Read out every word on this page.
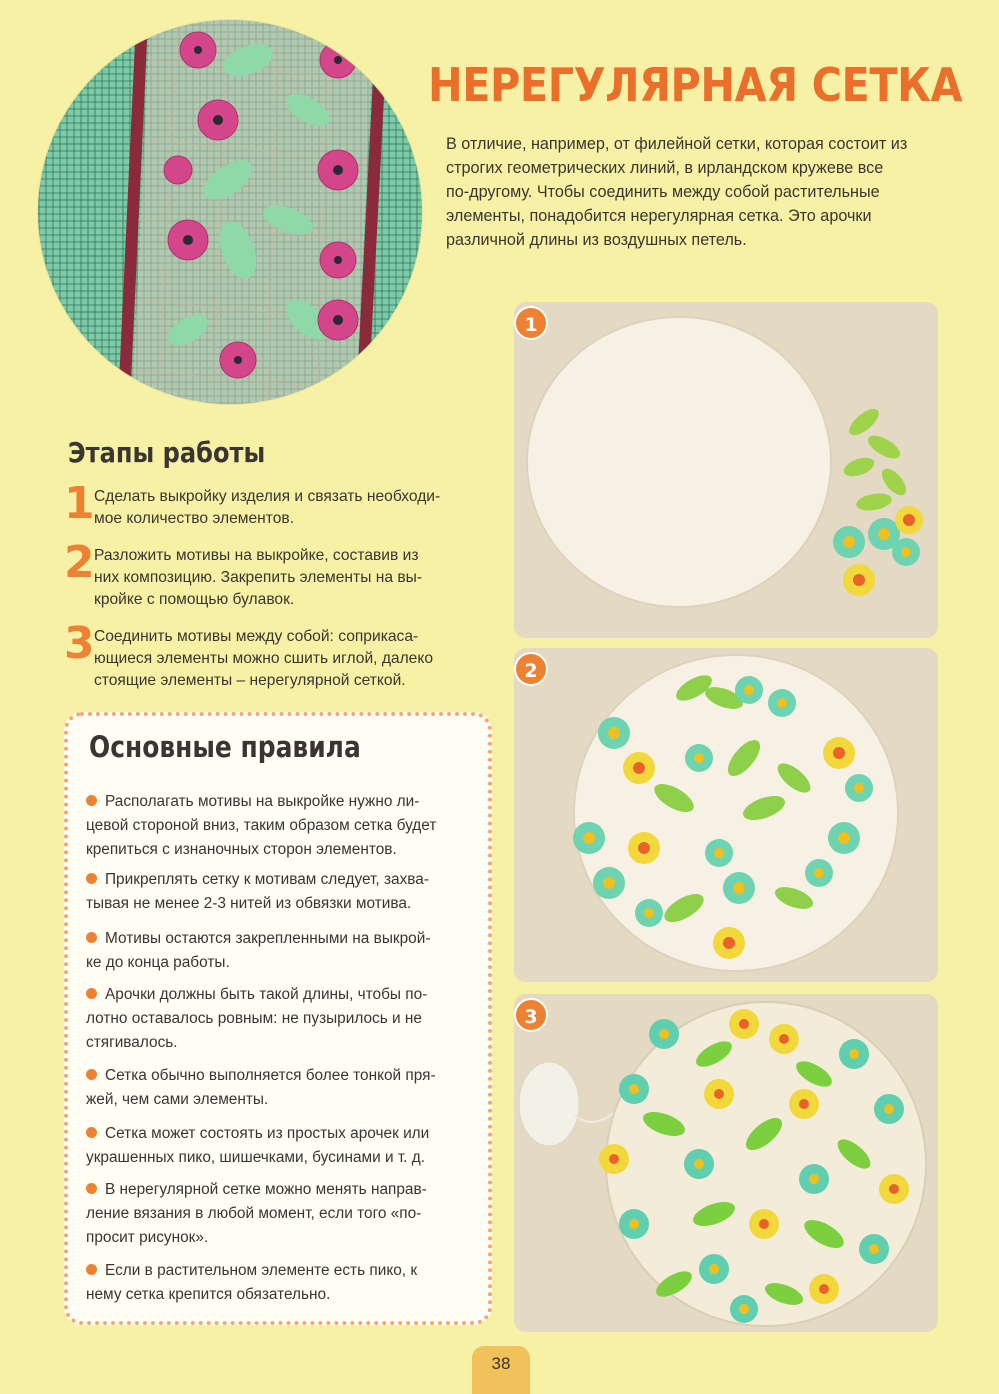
НЕРЕГУЛЯРНАЯ СЕТКА
В отличие, например, от филейной сетки, которая состоит из
строгих геометрических линий, в ирландском кружеве все
по-другому. Чтобы соединить между собой растительные
элементы, понадобится нерегулярная сетка. Это арочки
различной длины из воздушных петель.
Этапы работы
1 Сделать выкройку изделия и связать необходи-
мое количество элементов.
2 Разложить мотивы на выкройке, составив из
них композицию. Закрепить элементы на вы-
кройке с помощью булавок.
3 Соединить мотивы между собой: соприкаса-
ющиеся элементы можно сшить иглой, далеко
стоящие элементы – нерегулярной сеткой.
Основные правила
Располагать мотивы на выкройке нужно ли-
цевой стороной вниз, таким образом сетка будет
крепиться с изнаночных сторон элементов.
Прикреплять сетку к мотивам следует, захва-
тывая не менее 2-3 нитей из обвязки мотива.
Мотивы остаются закрепленными на выкрой-
ке до конца работы.
Арочки должны быть такой длины, чтобы по-
лотно оставалось ровным: не пузырилось и не
стягивалось.
Сетка обычно выполняется более тонкой пря-
жей, чем сами элементы.
Сетка может состоять из простых арочек или
украшенных пико, шишечками, бусинами и т. д.
В нерегулярной сетке можно менять направ-
ление вязания в любой момент, если того «по-
просит рисунок».
Если в растительном элементе есть пико, к
нему сетка крепится обязательно.
1
2
3
38
